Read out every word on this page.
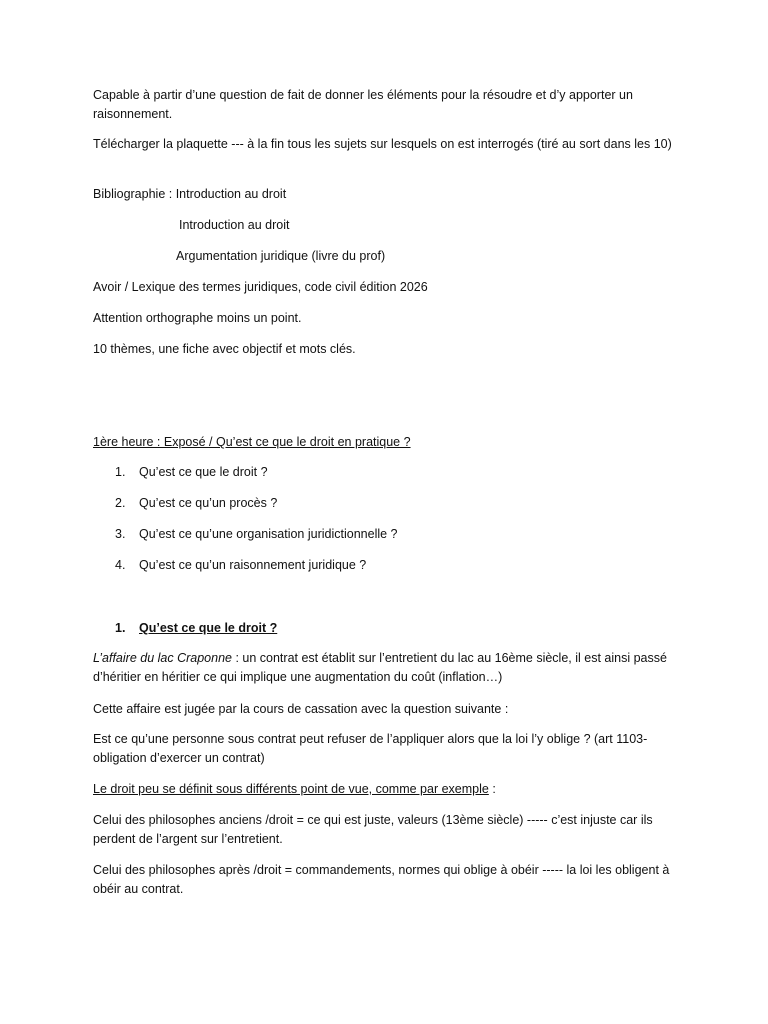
Capable à partir d’une question de fait de donner les éléments pour la résoudre et d’y apporter un raisonnement.

Télécharger la plaquette --- à la fin tous les sujets sur lesquels on est interrogés (tiré au sort dans les 10)

Bibliographie : Introduction au droit

Introduction au droit

Argumentation juridique (livre du prof)

Avoir / Lexique des termes juridiques, code civil édition 2026

Attention orthographe moins un point.

10 thèmes, une fiche avec objectif et mots clés.

1ère heure : Exposé / Qu’est ce que le droit en pratique ?

1. Qu’est ce que le droit ?
2. Qu’est ce qu’un procès ?
3. Qu’est ce qu’une organisation juridictionnelle ?
4. Qu’est ce qu’un raisonnement juridique ?
1. Qu’est ce que le droit ?

L’affaire du lac Craponne : un contrat est établit sur l’entretient du lac au 16ème siècle, il est ainsi passé d’héritier en héritier ce qui implique une augmentation du coût (inflation…)

Cette affaire est jugée par la cours de cassation avec la question suivante :

Est ce qu’une personne sous contrat peut refuser de l’appliquer alors que la loi l’y oblige ? (art 1103-obligation d’exercer un contrat)

Le droit peu se définit sous différents point de vue, comme par exemple :

Celui des philosophes anciens /droit = ce qui est juste, valeurs (13ème siècle) ----- c’est injuste car ils perdent de l’argent sur l’entretient.

Celui des philosophes après /droit = commandements, normes qui oblige à obéir ----- la loi les obligent à obéir au contrat.
